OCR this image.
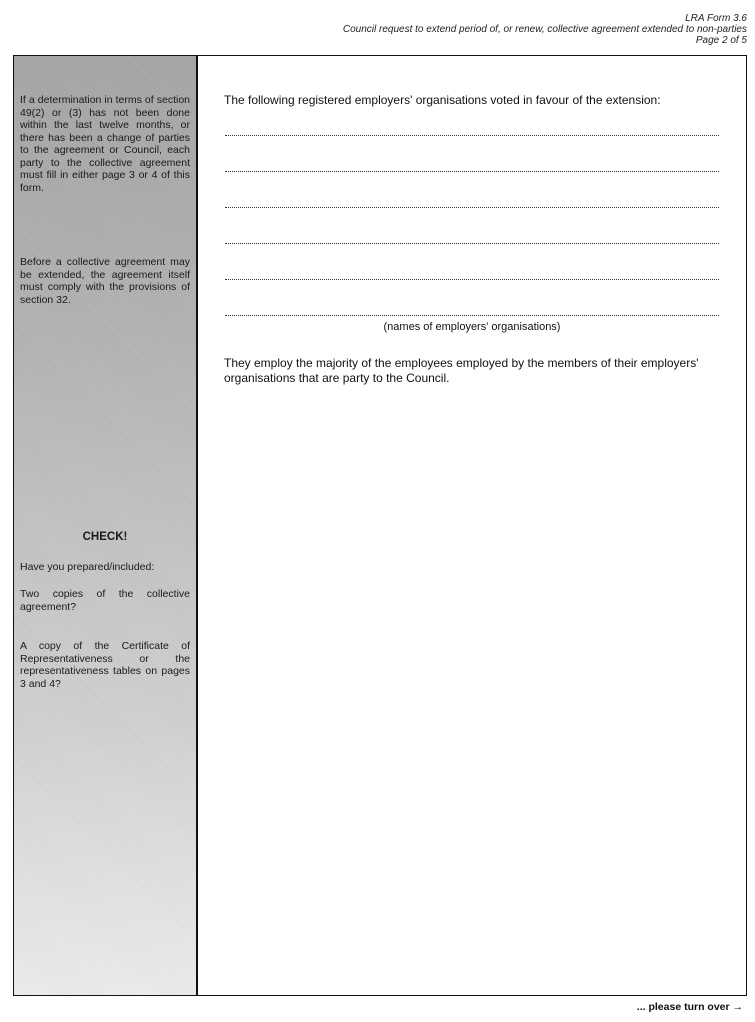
LRA Form 3.6
Council request to extend period of, or renew, collective agreement extended to non-parties
Page 2 of 5

If a determination in terms of section 49(2) or (3) has not been done within the last twelve months, or there has been a change of parties to the agreement or Council, each party to the collective agreement must fill in either page 3 or 4 of this form.

Before a collective agreement may be extended, the agreement itself must comply with the provisions of section 32.

CHECK!

Have you prepared/included:

Two copies of the collective agreement?

A copy of the Certificate of Representativeness or the representativeness tables on pages 3 and 4?

The following registered employers' organisations voted in favour of the extension:

(names of employers' organisations)

They employ the majority of the employees employed by the members of their employers' organisations that are party to the Council.

... please turn over →
